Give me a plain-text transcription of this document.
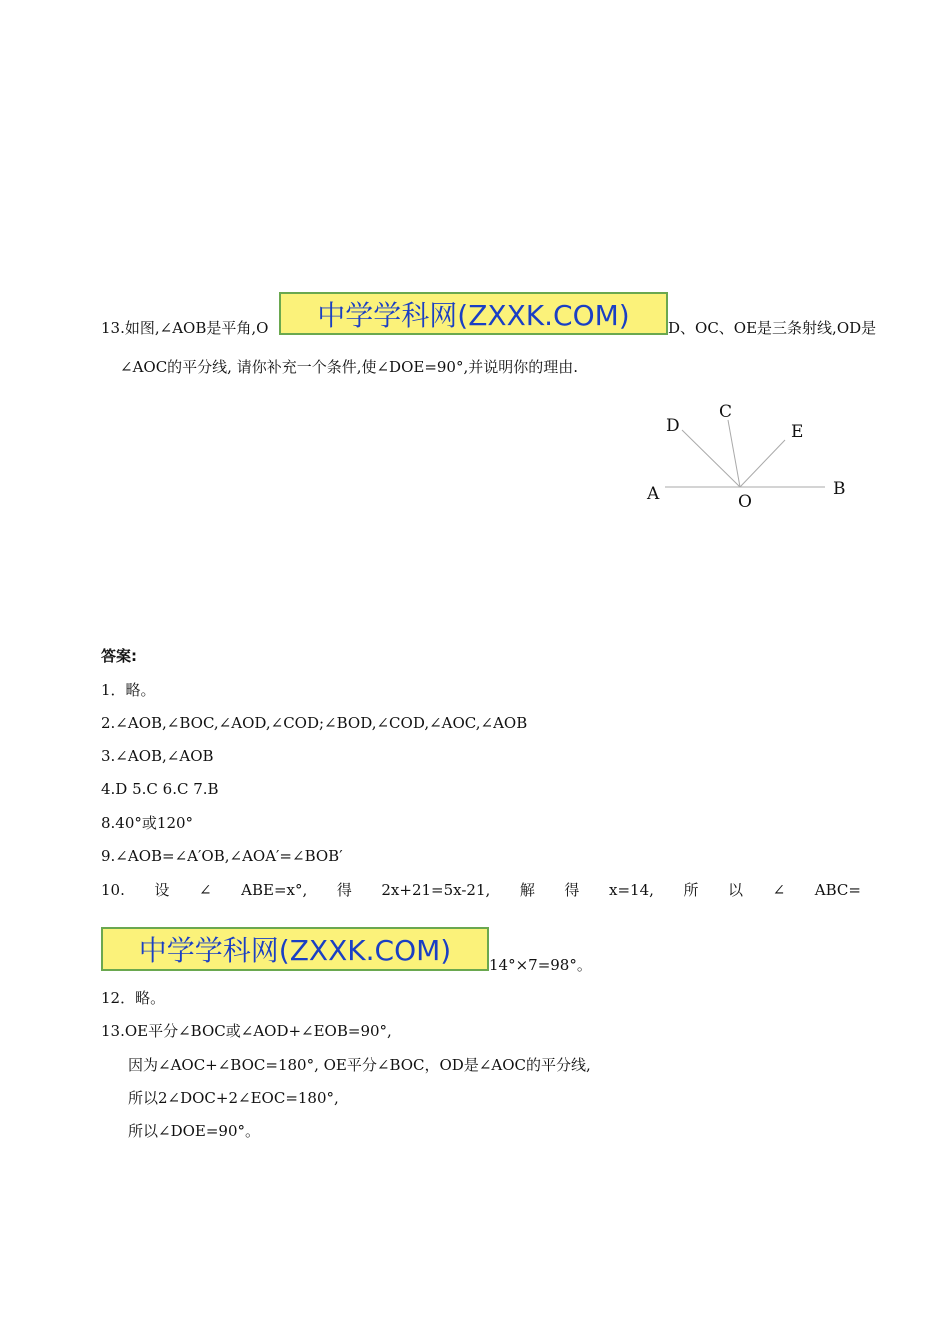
13.如图,∠AOB是平角,O	中学学科网(ZXXK.COM)	D、OC、OE是三条射线,OD是
∠AOC的平分线, 请你补充一个条件,使∠DOE=90°,并说明你的理由.
D
C
E
A	O
B
答案:
1．略。
2.∠AOB,∠BOC,∠AOD,∠COD;∠BOD,∠COD,∠AOC,∠AOB
3.∠AOB,∠AOB
4.D 5.C 6.C 7.B
8.40°或120°
9.∠AOB=∠A′OB,∠AOA′=∠BOB′
10. 设 ∠ ABE=x°, 得 2x+21=5x-21, 解 得 x=14, 所 以 ∠ ABC=
中学学科网(ZXXK.COM)	14°×7=98°。
12．略。
13.OE平分∠BOC或∠AOD+∠EOB=90°,
因为∠AOC+∠BOC=180°, OE平分∠BOC，OD是∠AOC的平分线,
所以2∠DOC+2∠EOC=180°,
所以∠DOE=90°。
